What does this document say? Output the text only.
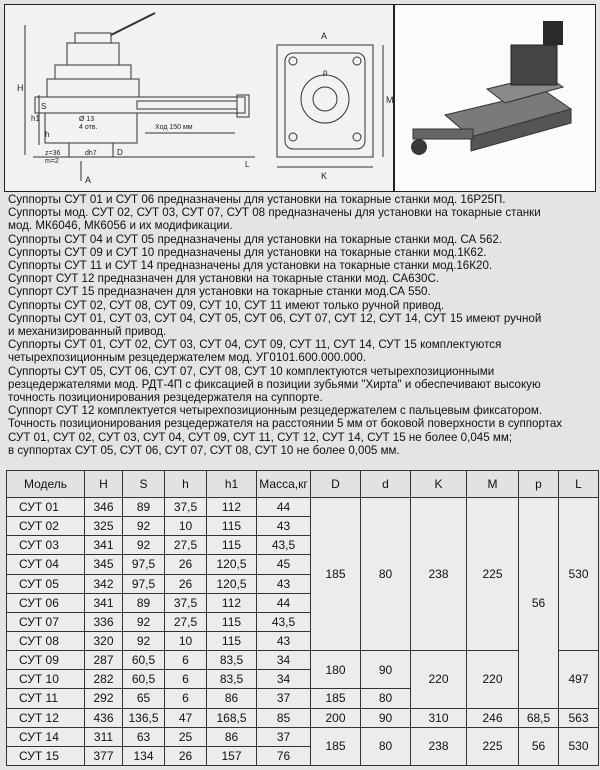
H
h1
S
h
Ø 13
4 отв.
z=36
m=2
dh7	D
L
Ход 150 мм
A
A
p
K
M

Суппорты СУТ 01 и СУТ 06 предназначены для установки на токарные станки мод. 16Р25П.

Суппорты мод. СУТ 02, СУТ 03, СУТ 07, СУТ 08 предназначены для установки на токарные станки
мод. МК6046, МК6056 и их модификации.

Суппорты СУТ 04 и СУТ 05 предназначены для установки на токарные станки мод. СА 562.

Суппорты СУТ 09 и СУТ 10 предназначены для установки на токарные станки мод.1К62.

Суппорты СУТ 11 и СУТ 14 предназначены для установки на токарные станки мод.16К20.

Суппорт СУТ 12 предназначен для установки на токарные станки мод. СА630С.

Суппорт СУТ 15 предназначен для установки на токарные станки мод.СА 550.

Суппорты СУТ 02, СУТ 08, СУТ 09, СУТ 10, СУТ 11 имеют только ручной привод.

Суппорты СУТ 01, СУТ 03, СУТ 04, СУТ 05, СУТ 06, СУТ 07, СУТ 12, СУТ 14, СУТ 15 имеют ручной
и механизированный привод.

Суппорты СУТ 01, СУТ 02, СУТ 03, СУТ 04, СУТ 09, СУТ 11, СУТ 14, СУТ 15 комплектуются
четырехпозиционным резцедержателем мод. УГ0101.600.000.000.

Суппорты СУТ 05, СУТ 06, СУТ 07, СУТ 08, СУТ 10 комплектуются четырехпозиционными
резцедержателями мод. РДТ-4П с фиксацией в позиции зубьями "Хирта" и обеспечивают высокую
точность позиционирования резцедержателя на суппорте.

Суппорт СУТ 12 комплектуется четырехпозиционным резцедержателем с пальцевым фиксатором.

Точность позиционирования резцедержателя на расстоянии 5 мм от боковой поверхности в суппортах
СУТ 01, СУТ 02, СУТ 03, СУТ 04, СУТ 09, СУТ 11, СУТ 12, СУТ 14, СУТ 15 не более 0,045 мм;
в суппортах СУТ 05, СУТ 06, СУТ 07, СУТ 08, СУТ 10 не более 0,005 мм.

Модель	H	S	h	h1	Масса,кг	D	d	K	M	p	L
СУТ 01	346	89	37,5	112	44	185	80	238	225	56	530
СУТ 02	325	92	10	115	43						
СУТ 03	341	92	27,5	115	43,5						
СУТ 04	345	97,5	26	120,5	45						
СУТ 05	342	97,5	26	120,5	43						
СУТ 06	341	89	37,5	112	44						
СУТ 07	336	92	27,5	115	43,5						
СУТ 08	320	92	10	115	43						
СУТ 09	287	60,5	6	83,5	34	180	90	220	220		497
СУТ 10	282	60,5	6	83,5	34						
СУТ 11	292	65	6	86	37	185	80				
СУТ 12	436	136,5	47	168,5	85	200	90	310	246	68,5	563
СУТ 14	311	63	25	86	37	185	80	238	225	56	530
СУТ 15	377	134	26	157	76						
